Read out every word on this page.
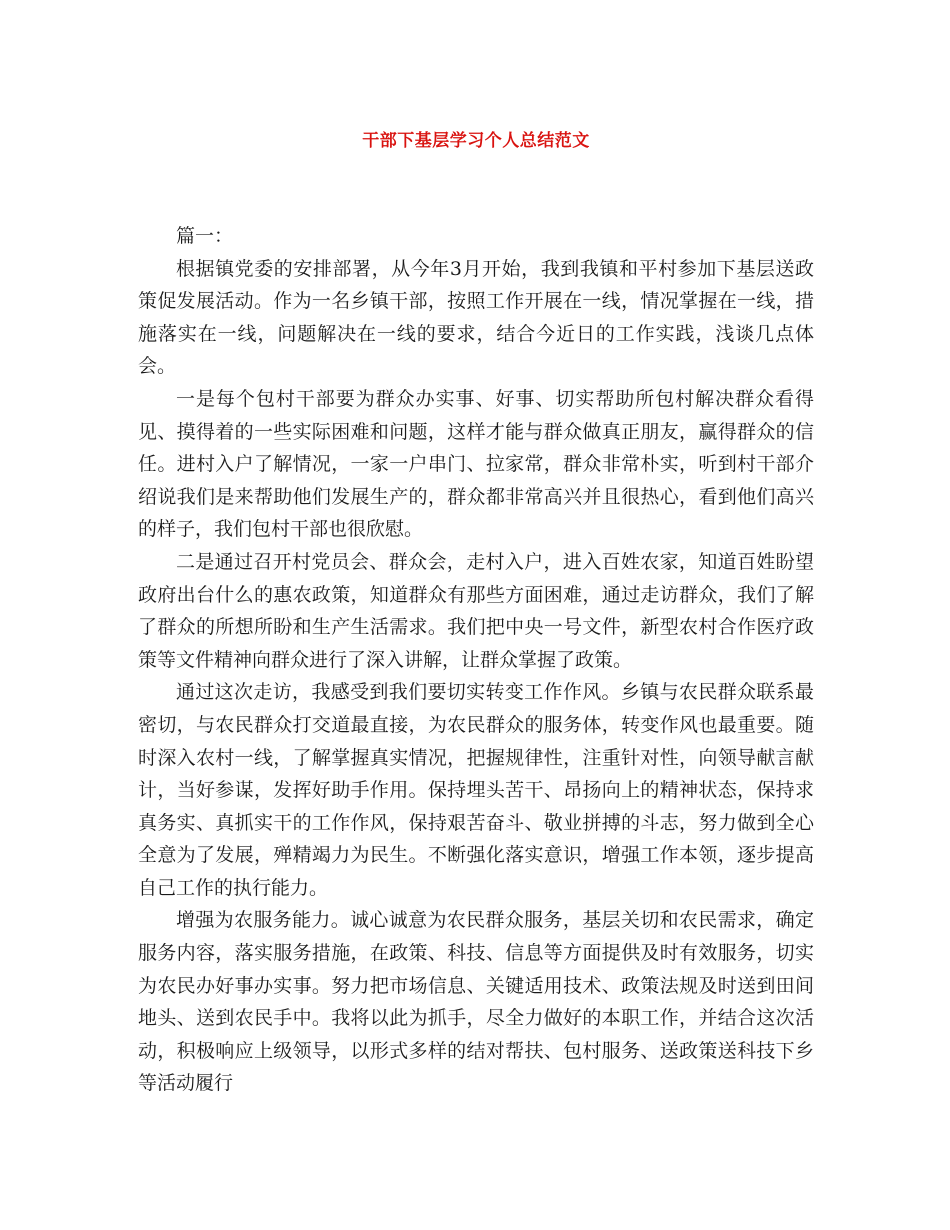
干部下基层学习个人总结范文

篇一：

根据镇党委的安排部署，从今年3月开始，我到我镇和平村参加下基层送政策促发展活动。作为一名乡镇干部，按照工作开展在一线，情况掌握在一线，措施落实在一线，问题解决在一线的要求，结合今近日的工作实践，浅谈几点体会。

一是每个包村干部要为群众办实事、好事、切实帮助所包村解决群众看得见、摸得着的一些实际困难和问题，这样才能与群众做真正朋友，赢得群众的信任。进村入户了解情况，一家一户串门、拉家常，群众非常朴实，听到村干部介绍说我们是来帮助他们发展生产的，群众都非常高兴并且很热心，看到他们高兴的样子，我们包村干部也很欣慰。

二是通过召开村党员会、群众会，走村入户，进入百姓农家，知道百姓盼望政府出台什么的惠农政策，知道群众有那些方面困难，通过走访群众，我们了解了群众的所想所盼和生产生活需求。我们把中央一号文件，新型农村合作医疗政策等文件精神向群众进行了深入讲解，让群众掌握了政策。

通过这次走访，我感受到我们要切实转变工作作风。乡镇与农民群众联系最密切，与农民群众打交道最直接，为农民群众的服务体，转变作风也最重要。随时深入农村一线，了解掌握真实情况，把握规律性，注重针对性，向领导献言献计，当好参谋，发挥好助手作用。保持埋头苦干、昂扬向上的精神状态，保持求真务实、真抓实干的工作作风，保持艰苦奋斗、敬业拼搏的斗志，努力做到全心全意为了发展，殚精竭力为民生。不断强化落实意识，增强工作本领，逐步提高自己工作的执行能力。

增强为农服务能力。诚心诚意为农民群众服务，基层关切和农民需求，确定服务内容，落实服务措施，在政策、科技、信息等方面提供及时有效服务，切实为农民办好事办实事。努力把市场信息、关键适用技术、政策法规及时送到田间地头、送到农民手中。我将以此为抓手，尽全力做好的本职工作，并结合这次活动，积极响应上级领导，以形式多样的结对帮扶、包村服务、送政策送科技下乡等活动履行
